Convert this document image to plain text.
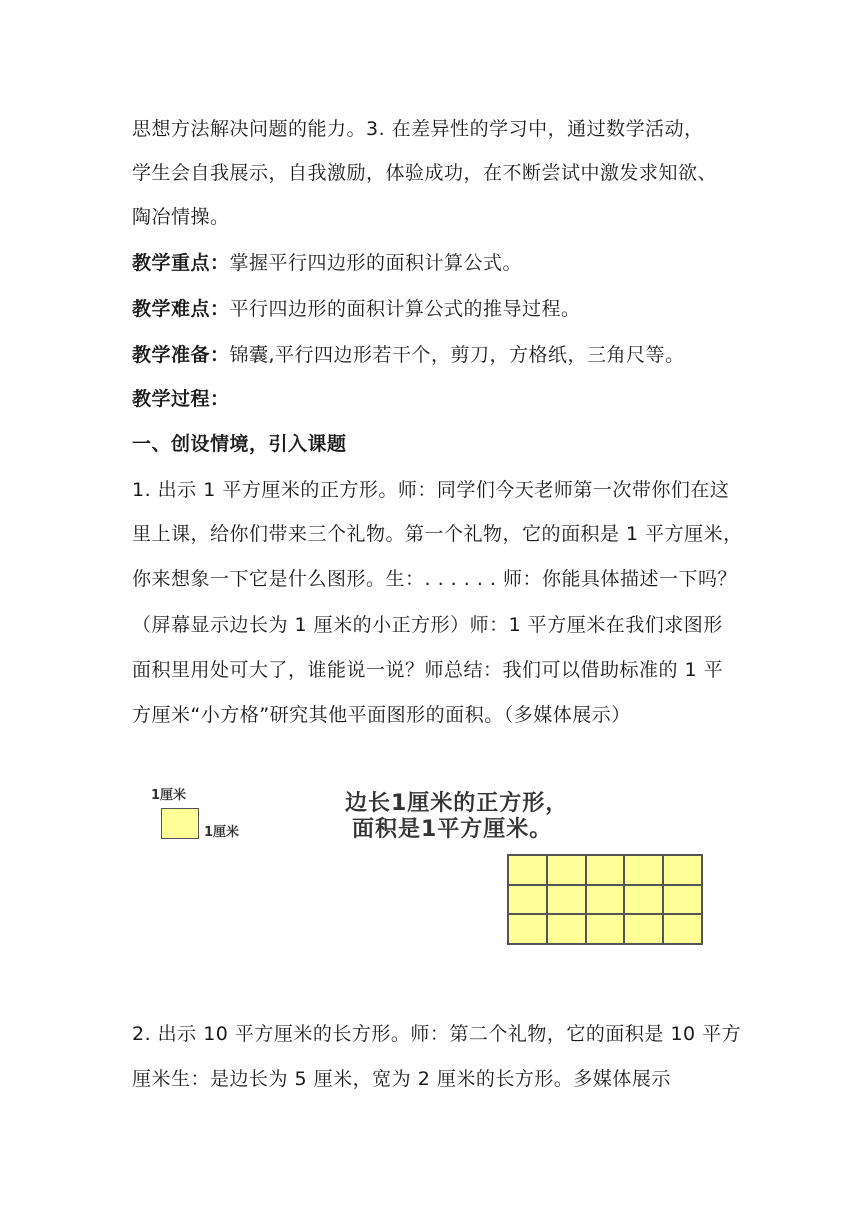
思想方法解决问题的能力。3. 在差异性的学习中，通过数学活动，
学生会自我展示，自我激励，体验成功，在不断尝试中激发求知欲、
陶冶情操。
教学重点：掌握平行四边形的面积计算公式。
教学难点：平行四边形的面积计算公式的推导过程。
教学准备：锦囊,平行四边形若干个，剪刀，方格纸，三角尺等。
教学过程：
一、创设情境，引入课题
1. 出示 1 平方厘米的正方形。师：同学们今天老师第一次带你们在这
里上课，给你们带来三个礼物。第一个礼物，它的面积是 1 平方厘米，
你来想象一下它是什么图形。生：. . . . . . 师：你能具体描述一下吗？
（屏幕显示边长为 1 厘米的小正方形）师：1 平方厘米在我们求图形
面积里用处可大了，谁能说一说？师总结：我们可以借助标准的 1 平
方厘米“小方格”研究其他平面图形的面积。（多媒体展示）
1厘米
1厘米
边长1厘米的正方形，
面积是1平方厘米。
2. 出示 10 平方厘米的长方形。师：第二个礼物，它的面积是 10 平方
厘米生：是边长为 5 厘米，宽为 2 厘米的长方形。多媒体展示
